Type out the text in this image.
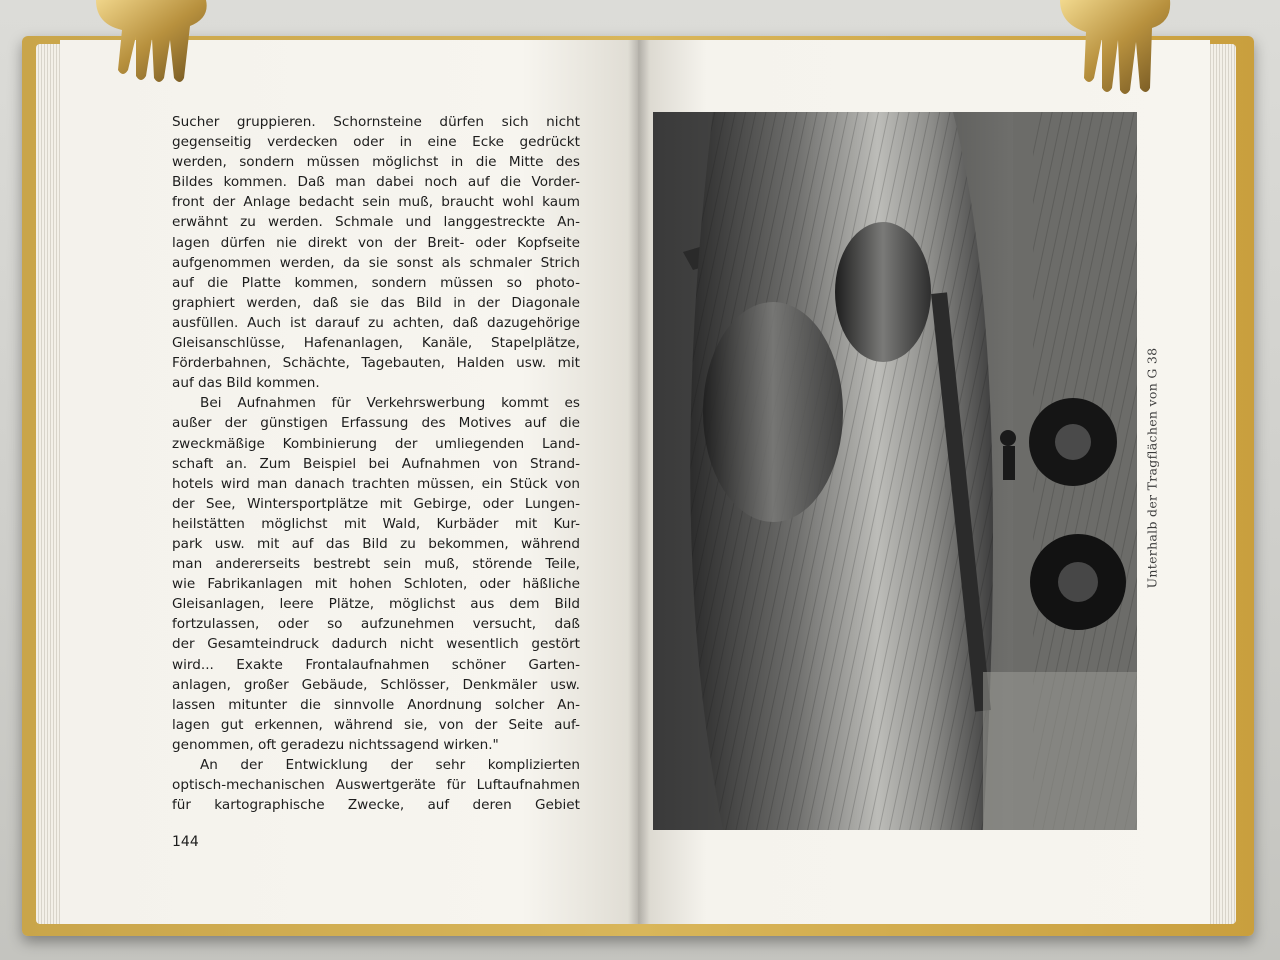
Sucher gruppieren. Schornsteine dürfen sich nicht
gegenseitig verdecken oder in eine Ecke gedrückt
werden, sondern müssen möglichst in die Mitte des
Bildes kommen. Daß man dabei noch auf die Vorder-
front der Anlage bedacht sein muß, braucht wohl kaum
erwähnt zu werden. Schmale und langgestreckte An-
lagen dürfen nie direkt von der Breit- oder Kopfseite
aufgenommen werden, da sie sonst als schmaler Strich
auf die Platte kommen, sondern müssen so photo-
graphiert werden, daß sie das Bild in der Diagonale
ausfüllen. Auch ist darauf zu achten, daß dazugehörige
Gleisanschlüsse, Hafenanlagen, Kanäle, Stapelplätze,
Förderbahnen, Schächte, Tagebauten, Halden usw. mit
auf das Bild kommen.
Bei Aufnahmen für Verkehrswerbung kommt es
außer der günstigen Erfassung des Motives auf die
zweckmäßige Kombinierung der umliegenden Land-
schaft an. Zum Beispiel bei Aufnahmen von Strand-
hotels wird man danach trachten müssen, ein Stück von
der See, Wintersportplätze mit Gebirge, oder Lungen-
heilstätten möglichst mit Wald, Kurbäder mit Kur-
park usw. mit auf das Bild zu bekommen, während
man andererseits bestrebt sein muß, störende Teile,
wie Fabrikanlagen mit hohen Schloten, oder häßliche
Gleisanlagen, leere Plätze, möglichst aus dem Bild
fortzulassen, oder so aufzunehmen versucht, daß
der Gesamteindruck dadurch nicht wesentlich gestört
wird... Exakte Frontalaufnahmen schöner Garten-
anlagen, großer Gebäude, Schlösser, Denkmäler usw.
lassen mitunter die sinnvolle Anordnung solcher An-
lagen gut erkennen, während sie, von der Seite auf-
genommen, oft geradezu nichtssagend wirken."
An der Entwicklung der sehr komplizierten
optisch-mechanischen Auswertgeräte für Luftaufnahmen
für kartographische Zwecke, auf deren Gebiet
144
Unterhalb der Tragflächen von G 38
